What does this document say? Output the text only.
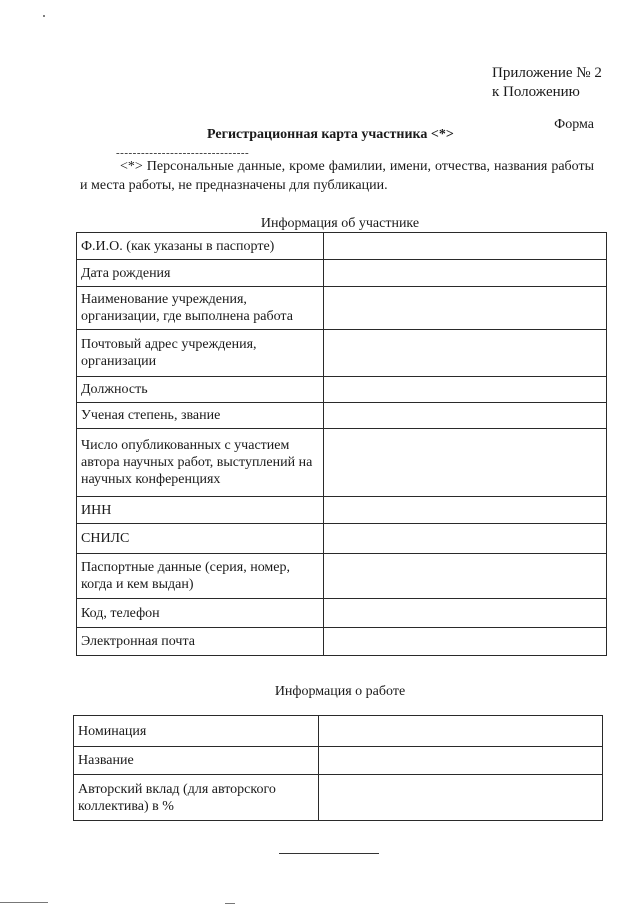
Приложение № 2
к Положению
Форма
Регистрационная карта участника <*>
--------------------------------
<*> Персональные данные, кроме фамилии, имени, отчества, названия работы и места работы, не предназначены для публикации.
Информация об участнике
Ф.И.О. (как указаны в паспорте)	
Дата рождения	
Наименование учреждения, организации, где выполнена работа	
Почтовый адрес учреждения, организации	
Должность	
Ученая степень, звание	
Число опубликованных с участием автора научных работ, выступлений на научных конференциях	
ИНН	
СНИЛС	
Паспортные данные (серия, номер, когда и кем выдан)	
Код, телефон	
Электронная почта	
Информация о работе
Номинация	
Название	
Авторский вклад (для авторского коллектива) в %	
